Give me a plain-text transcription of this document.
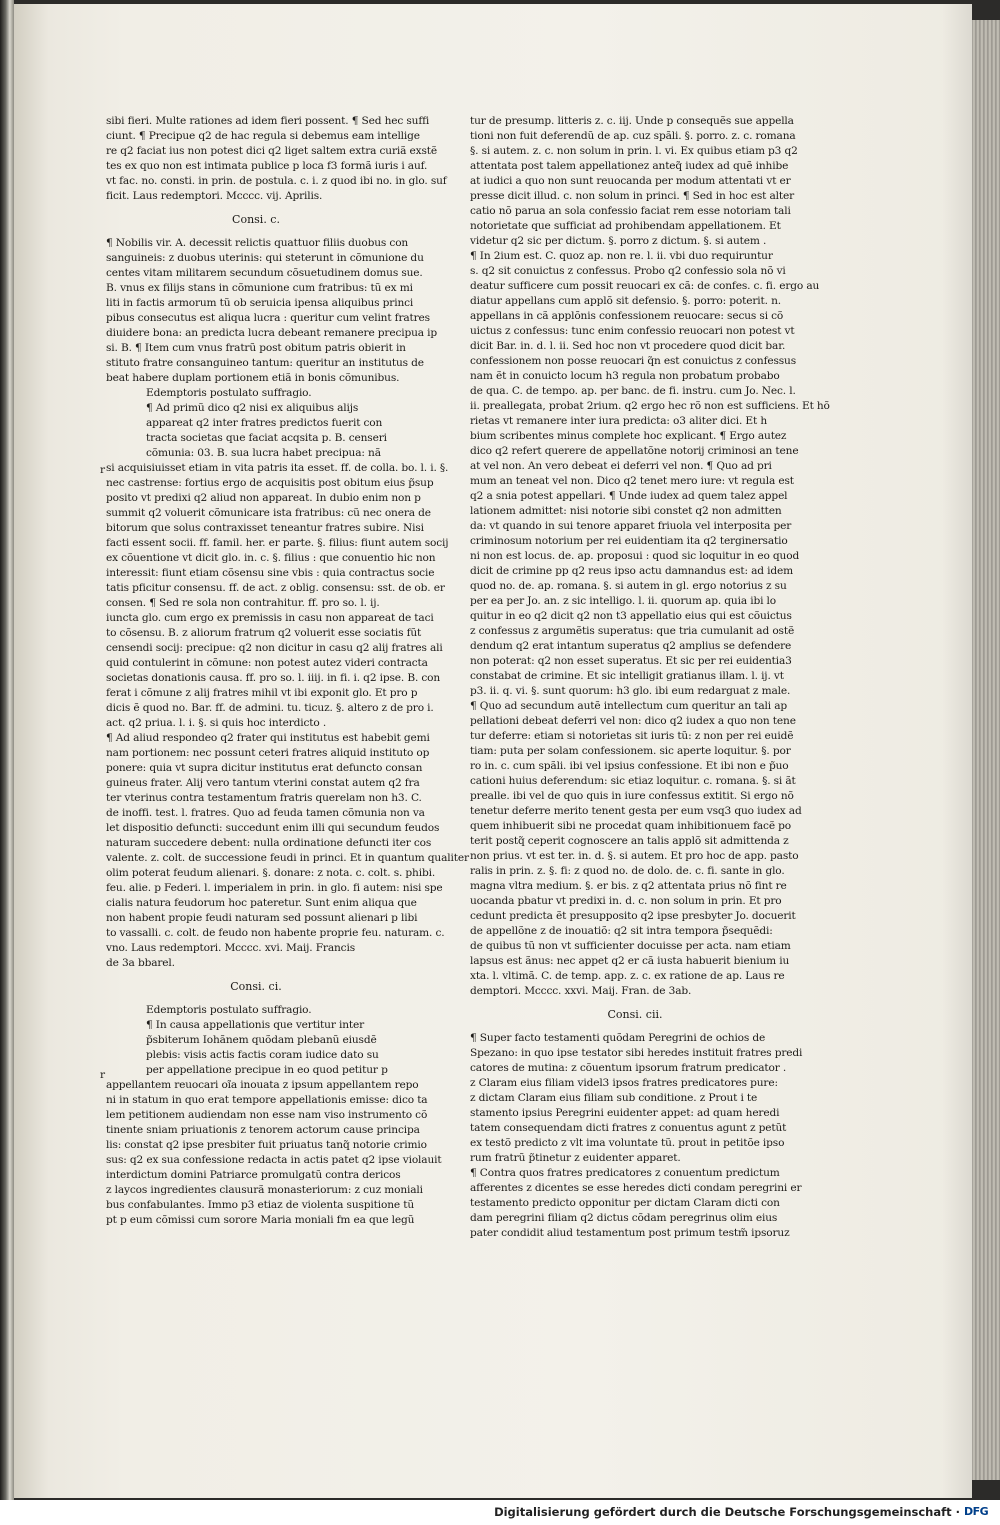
sibi fieri. Multe rationes ad idem fieri possent. ¶ Sed hec suffi
ciunt. ¶ Precipue q2 de hac regula si debemus eam intellige
re q2 faciat ius non potest dici q2 liget saltem extra curiã exstẽ
tes ex quo non est intimata publice p loca f3 formã iuris i auf.
vt fac. no. consti. in prin. de postula. c. i. z quod ibi no. in glo. suf
ficit. Laus redemptori. Mcccc. vij. Aprilis.
Consi. c.
¶ Nobilis vir. A. decessit relictis quattuor filiis duobus con
sanguineis: z duobus uterinis: qui steterunt in cõmunione du
centes vitam militarem secundum cõsuetudinem domus sue.
B. vnus ex filijs stans in cõmunione cum fratribus: tũ ex mi
liti in factis armorum tũ ob seruicia ipensa aliquibus princi
pibus consecutus est aliqua lucra : queritur cum velint fratres
diuidere bona: an predicta lucra debeant remanere precipua ip
si. B. ¶ Item cum vnus fratrũ post obitum patris obierit in
stituto fratre consanguineo tantum: queritur an institutus de
beat habere duplam portionem etiã in bonis cõmunibus.
Edemptoris postulato suffragio.
¶ Ad primũ dico q2 nisi ex aliquibus alijs
appareat q2 inter fratres predictos fuerit con
tracta societas que faciat acqsita p. B. censeri
cõmunia: 03. B. sua lucra habet precipua: nã
si acquisiuisset etiam in vita patris ita esset. ff. de colla. bo. l. i. §.
nec castrense: fortius ergo de acquisitis post obitum eius p̃sup
posito vt predixi q2 aliud non appareat. In dubio enim non p
summit q2 voluerit cõmunicare ista fratribus: cũ nec onera de
bitorum que solus contraxisset teneantur fratres subire. Nisi
facti essent socii. ff. famil. her. er parte. §. filius: fiunt autem socij
ex cõuentione vt dicit glo. in. c. §. filius : que conuentio hic non
interessit: fiunt etiam cõsensu sine vbis : quia contractus socie
tatis pficitur consensu. ff. de act. z oblig. consensu: sst. de ob. er
consen. ¶ Sed re sola non contrahitur. ff. pro so. l. ij.
iuncta glo. cum ergo ex premissis in casu non appareat de taci
to cõsensu. B. z aliorum fratrum q2 voluerit esse sociatis fũt
censendi socij: precipue: q2 non dicitur in casu q2 alij fratres ali
quid contulerint in cõmune: non potest autez videri contracta
societas donationis causa. ff. pro so. l. iiij. in fi. i. q2 ipse. B. con
ferat i cõmune z alij fratres mihil vt ibi exponit glo. Et pro p
dicis ẽ quod no. Bar. ff. de admini. tu. ticuz. §. altero z de pro i.
act. q2 priua. l. i. §. si quis hoc interdicto .
¶ Ad aliud respondeo q2 frater qui institutus est habebit gemi
nam portionem: nec possunt ceteri fratres aliquid instituto op
ponere: quia vt supra dicitur institutus erat defuncto consan
guineus frater. Alij vero tantum vterini constat autem q2 fra
ter vterinus contra testamentum fratris querelam non h3. C.
de inoffi. test. l. fratres. Quo ad feuda tamen cõmunia non va
let dispositio defuncti: succedunt enim illi qui secundum feudos
naturam succedere debent: nulla ordinatione defuncti iter cos
valente. z. colt. de successione feudi in princi. Et in quantum qualiter
olim poterat feudum alienari. §. donare: z nota. c. colt. s. phibi.
feu. alie. p Federi. l. imperialem in prin. in glo. fi autem: nisi spe
cialis natura feudorum hoc pateretur. Sunt enim aliqua que
non habent propie feudi naturam sed possunt alienari p libi
to vassalli. c. colt. de feudo non habente proprie feu. naturam. c.
vno. Laus redemptori. Mcccc. xvi. Maij. Francis
de 3a bbarel.
Consi. ci.
Edemptoris postulato suffragio.
¶ In causa appellationis que vertitur inter
p̃sbiterum Iohãnem quõdam plebanũ eiusdẽ
plebis: visis actis factis coram iudice dato su
per appellatione precipue in eo quod petitur p
appellantem reuocari oĩa inouata z ipsum appellantem repo
ni in statum in quo erat tempore appellationis emisse: dico ta
lem petitionem audiendam non esse nam viso instrumento cõ
tinente sniam priuationis z tenorem actorum cause principa
lis: constat q2 ipse presbiter fuit priuatus tanq̃ notorie crimio
sus: q2 ex sua confessione redacta in actis patet q2 ipse violauit
interdictum domini Patriarce promulgatũ contra dericos
z laycos ingredientes clausurã monasteriorum: z cuz moniali
bus confabulantes. Immo p3 etiaz de violenta suspitione tũ
pt p eum cõmissi cum sorore Maria moniali fm ea que legũ
r
r
tur de presump. litteris z. c. iij. Unde p consequẽs sue appella
tioni non fuit deferendũ de ap. cuz spãli. §. porro. z. c. romana
§. si autem. z. c. non solum in prin. l. vi. Ex quibus etiam p3 q2
attentata post talem appellationez anteq̃ iudex ad quẽ inhibe
at iudici a quo non sunt reuocanda per modum attentati vt er
presse dicit illud. c. non solum in princi. ¶ Sed in hoc est alter
catio nõ parua an sola confessio faciat rem esse notoriam tali
notorietate que sufficiat ad prohibendam appellationem. Et
videtur q2 sic per dictum. §. porro z dictum. §. si autem .
¶ In 2ium est. C. quoz ap. non re. l. ii. vbi duo requiruntur
s. q2 sit conuictus z confessus. Probo q2 confessio sola nõ vi
deatur sufficere cum possit reuocari ex cã: de confes. c. fi. ergo au
diatur appellans cum applõ sit defensio. §. porro: poterit. n.
appellans in cã applõnis confessionem reuocare: secus si cõ
uictus z confessus: tunc enim confessio reuocari non potest vt
dicit Bar. in. d. l. ii. Sed hoc non vt procedere quod dicit bar.
confessionem non posse reuocari q̃n est conuictus z confessus
nam ẽt in conuicto locum h3 regula non probatum probabo
de qua. C. de tempo. ap. per banc. de fi. instru. cum Jo. Nec. l.
ii. preallegata, probat 2rium. q2 ergo hec rõ non est sufficiens. Et hõ
rietas vt remanere inter iura predicta: o3 aliter dici. Et h
bium scribentes minus complete hoc explicant. ¶ Ergo autez
dico q2 refert querere de appellatõne notorij criminosi an tene
at vel non. An vero debeat ei deferri vel non. ¶ Quo ad pri
mum an teneat vel non. Dico q2 tenet mero iure: vt regula est
q2 a snia potest appellari. ¶ Unde iudex ad quem talez appel
lationem admittet: nisi notorie sibi constet q2 non admitten
da: vt quando in sui tenore apparet friuola vel interposita per
criminosum notorium per rei euidentiam ita q2 terginersatio
ni non est locus. de. ap. proposui : quod sic loquitur in eo quod
dicit de crimine pp q2 reus ipso actu damnandus est: ad idem
quod no. de. ap. romana. §. si autem in gl. ergo notorius z su
per ea per Jo. an. z sic intelligo. l. ii. quorum ap. quia ibi lo
quitur in eo q2 dicit q2 non t3 appellatio eius qui est cõuictus
z confessus z argumẽtis superatus: que tria cumulanit ad ostẽ
dendum q2 erat intantum superatus q2 amplius se defendere
non poterat: q2 non esset superatus. Et sic per rei euidentia3
constabat de crimine. Et sic intelligit gratianus illam. l. ij. vt
p3. ii. q. vi. §. sunt quorum: h3 glo. ibi eum redarguat z male.
¶ Quo ad secundum autẽ intellectum cum queritur an tali ap
pellationi debeat deferri vel non: dico q2 iudex a quo non tene
tur deferre: etiam si notorietas sit iuris tũ: z non per rei euidẽ
tiam: puta per solam confessionem. sic aperte loquitur. §. por
ro in. c. cum spãli. ibi vel ipsius confessione. Et ibi non e p̃uo
cationi huius deferendum: sic etiaz loquitur. c. romana. §. si ãt
prealle. ibi vel de quo quis in iure confessus extitit. Si ergo nõ
tenetur deferre merito tenent gesta per eum vsq3 quo iudex ad
quem inhibuerit sibi ne procedat quam inhibitionuem facẽ po
terit postq̃ ceperit cognoscere an talis applõ sit admittenda z
non prius. vt est ter. in. d. §. si autem. Et pro hoc de app. pasto
ralis in prin. z. §. fi: z quod no. de dolo. de. c. fi. sante in glo.
magna vltra medium. §. er bis. z q2 attentata prius nõ fint re
uocanda pbatur vt predixi in. d. c. non solum in prin. Et pro
cedunt predicta ẽt presupposito q2 ipse presbyter Jo. docuerit
de appellõne z de inouatiõ: q2 sit intra tempora p̃sequẽdi:
de quibus tũ non vt sufficienter docuisse per acta. nam etiam
lapsus est ãnus: nec appet q2 er cã iusta habuerit bienium iu
xta. l. vltimã. C. de temp. app. z. c. ex ratione de ap. Laus re
demptori. Mcccc. xxvi. Maij. Fran. de 3ab.
Consi. cii.
¶ Super facto testamenti quõdam Peregrini de ochios de
Spezano: in quo ipse testator sibi heredes instituit fratres predi
catores de mutina: z cõuentum ipsorum fratrum predicator .
z Claram eius filiam videl3 ipsos fratres predicatores pure:
z dictam Claram eius filiam sub conditione. z Prout i te
stamento ipsius Peregrini euidenter appet: ad quam heredi
tatem consequendam dicti fratres z conuentus agunt z petũt
ex testõ predicto z vlt ima voluntate tũ. prout in petitõe ipso
rum fratrũ p̃tinetur z euidenter apparet.
¶ Contra quos fratres predicatores z conuentum predictum
afferentes z dicentes se esse heredes dicti condam peregrini er
testamento predicto opponitur per dictam Claram dicti con
dam peregrini filiam q2 dictus cõdam peregrinus olim eius
pater condidit aliud testamentum post primum testm̃ ipsoruz
Digitalisierung gefördert durch die Deutsche Forschungsgemeinschaft · DFG
